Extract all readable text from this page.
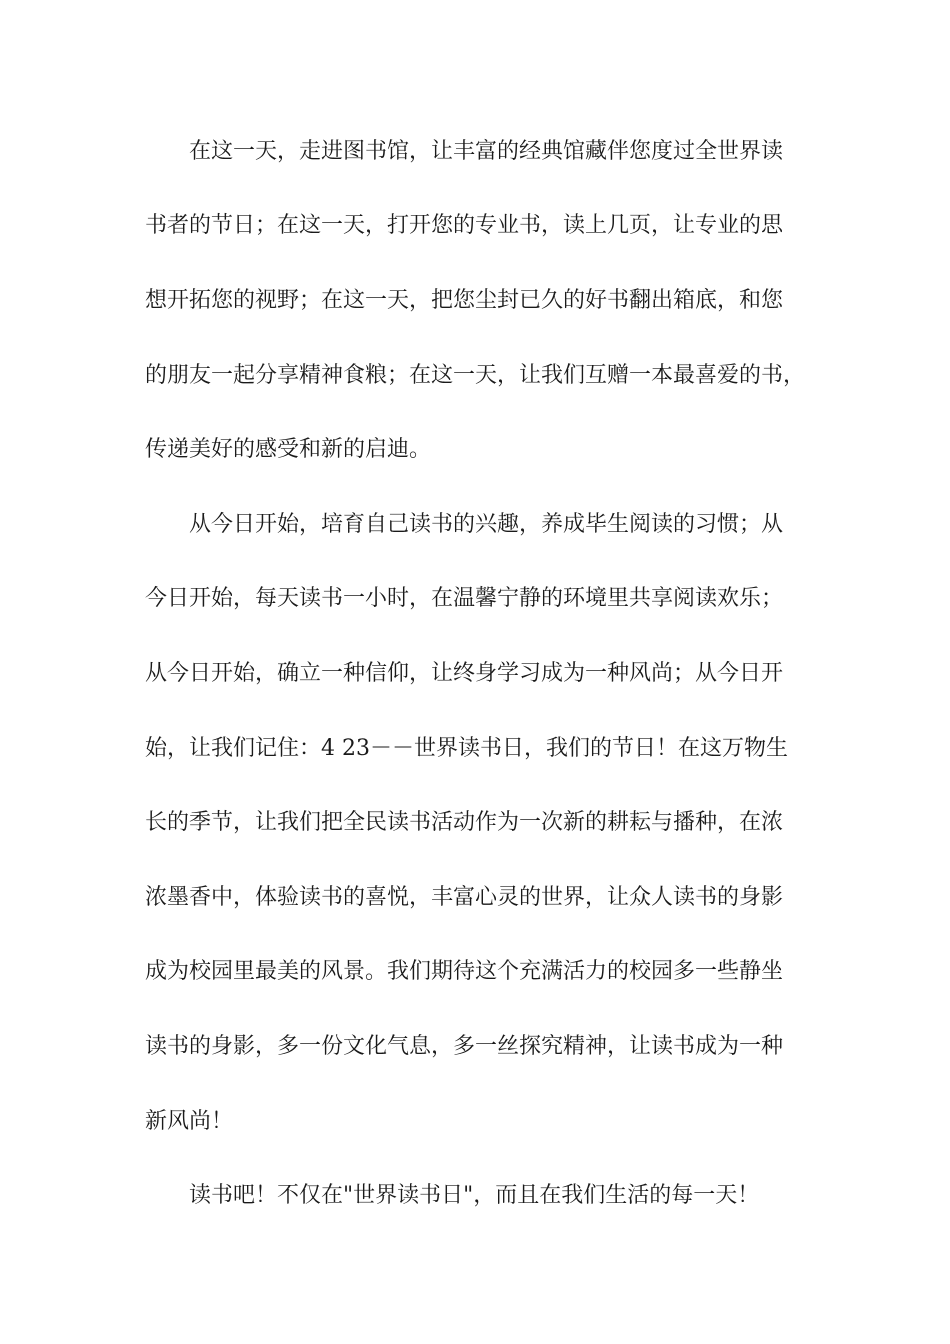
在这一天，走进图书馆，让丰富的经典馆藏伴您度过全世界读
书者的节日；在这一天，打开您的专业书，读上几页，让专业的思
想开拓您的视野；在这一天，把您尘封已久的好书翻出箱底，和您
的朋友一起分享精神食粮；在这一天，让我们互赠一本最喜爱的书，
传递美好的感受和新的启迪。
从今日开始，培育自己读书的兴趣，养成毕生阅读的习惯；从
今日开始，每天读书一小时，在温馨宁静的环境里共享阅读欢乐；
从今日开始，确立一种信仰，让终身学习成为一种风尚；从今日开
始，让我们记住：4 23－－世界读书日，我们的节日！在这万物生
长的季节，让我们把全民读书活动作为一次新的耕耘与播种，在浓
浓墨香中，体验读书的喜悦，丰富心灵的世界，让众人读书的身影
成为校园里最美的风景。我们期待这个充满活力的校园多一些静坐
读书的身影，多一份文化气息，多一丝探究精神，让读书成为一种
新风尚！
读书吧！不仅在"世界读书日"，而且在我们生活的每一天！
